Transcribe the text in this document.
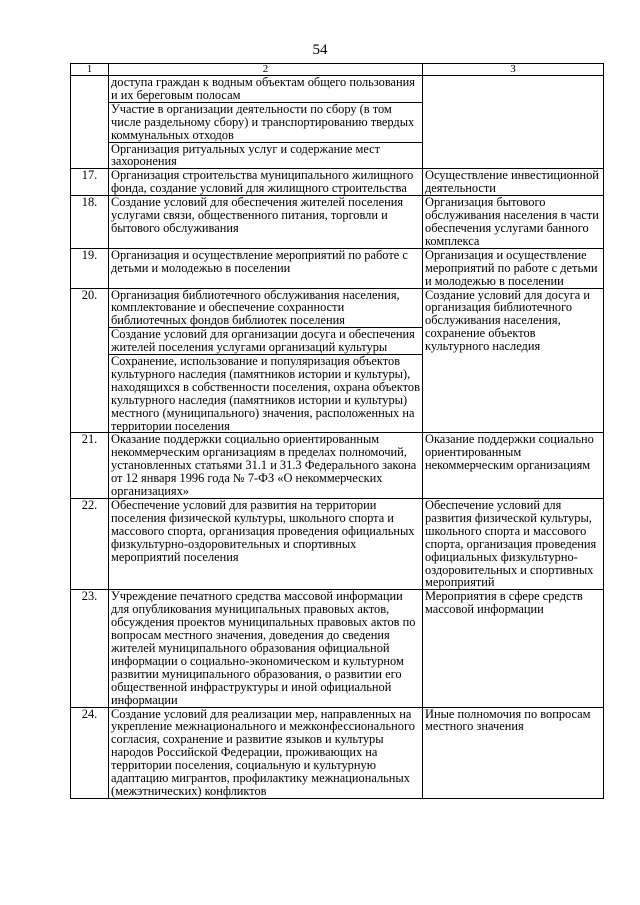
54
1	2	3

	доступа граждан к водным объектам общего пользования и их береговым полосам
Участие в организации деятельности по сбору (в том числе раздельному сбору) и транспортированию твердых коммунальных отходов
Организация ритуальных услуг и содержание мест захоронения	

17.	Организация строительства муниципального жилищного фонда, создание условий для жилищного строительства	Осуществление инвестиционной деятельности
18.	Создание условий для обеспечения жителей поселения услугами связи, общественного питания, торговли и бытового обслуживания	Организация бытового обслуживания населения в части обеспечения услугами банного комплекса
19.	Организация и осуществление мероприятий по работе с детьми и молодежью в поселении	Организация и осуществление мероприятий по работе с детьми и молодежью в поселении
20.	Организация библиотечного обслуживания населения, комплектование и обеспечение сохранности библиотечных фондов библиотек поселения
Создание условий для организации досуга и обеспечения жителей поселения услугами организаций культуры
Сохранение, использование и популяризация объектов культурного наследия (памятников истории и культуры), находящихся в собственности поселения, охрана объектов культурного наследия (памятников истории и культуры) местного (муниципального) значения, расположенных на территории поселения	Создание условий для досуга и организация библиотечного обслуживания населения, сохранение объектов культурного наследия
21.	Оказание поддержки социально ориентированным некоммерческим организациям в пределах полномочий, установленных статьями 31.1 и 31.3 Федерального закона от 12 января 1996 года № 7-ФЗ «О некоммерческих организациях»	Оказание поддержки социально ориентированным некоммерческим организациям
22.	Обеспечение условий для развития на территории поселения физической культуры, школьного спорта и массового спорта, организация проведения официальных физкультурно-оздоровительных и спортивных мероприятий поселения	Обеспечение условий для развития физической культуры, школьного спорта и массового спорта, организация проведения официальных физкультурно-оздоровительных и спортивных мероприятий
23.	Учреждение печатного средства массовой информации для опубликования муниципальных правовых актов, обсуждения проектов муниципальных правовых актов по вопросам местного значения, доведения до сведения жителей муниципального образования официальной информации о социально-экономическом и культурном развитии муниципального образования, о развитии его общественной инфраструктуры и иной официальной информации	Мероприятия в сфере средств массовой информации
24.	Создание условий для реализации мер, направленных на укрепление межнационального и межконфессионального согласия, сохранение и развитие языков и культуры народов Российской Федерации, проживающих на территории поселения, социальную и культурную адаптацию мигрантов, профилактику межнациональных (межэтнических) конфликтов	Иные полномочия по вопросам местного значения
